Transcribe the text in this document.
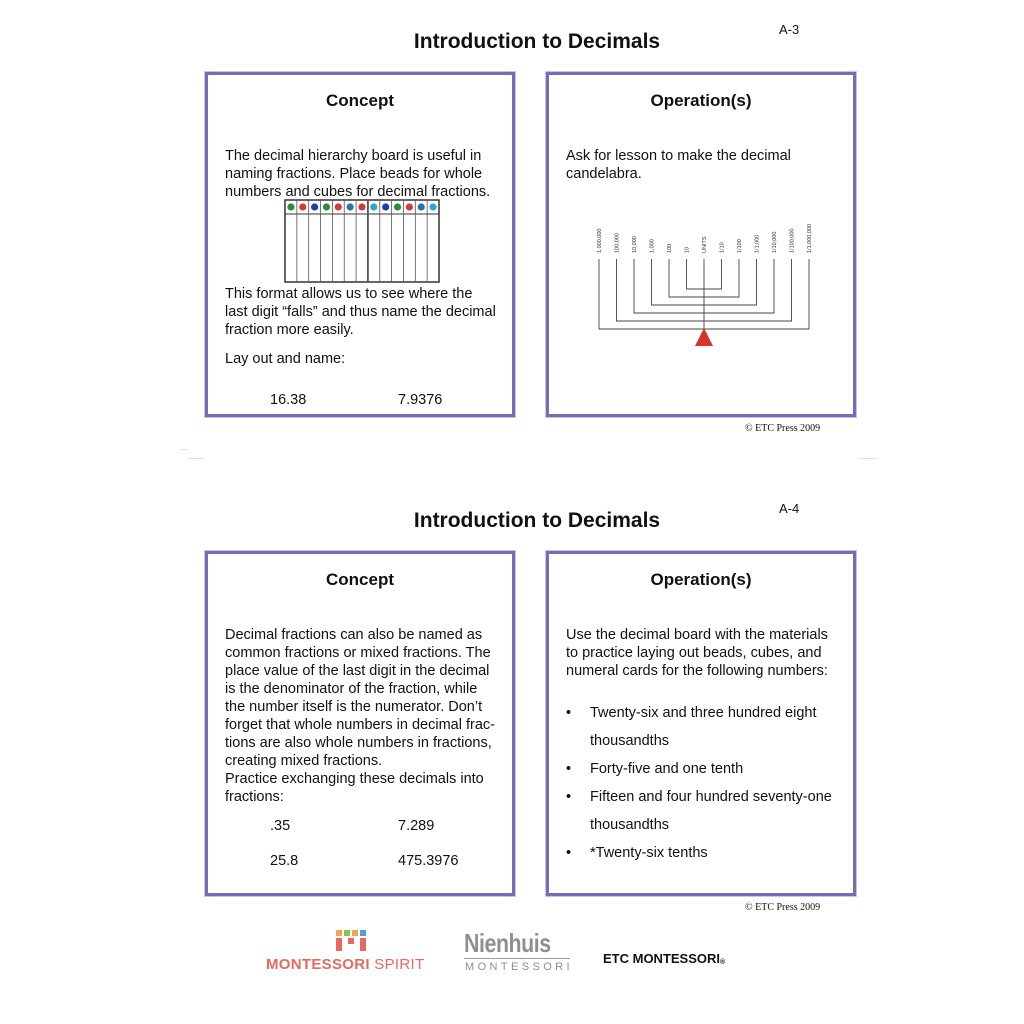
Introduction to Decimals
A-3
Concept
The decimal hierarchy board is useful in
naming fractions. Place beads for whole
numbers and cubes for decimal fractions.
This format allows us to see where the
last digit “falls” and thus name the decimal
fraction more easily.
Lay out and name:
16.38	7.9376
Operation(s)
Ask for lesson to make the decimal
candelabra.
1,000,000 100,000 10,000 1,000 100 10 UNITS 1/10 1/100 1/1,000 1/10,000 1/100,000 1/1,000,000
© ETC Press 2009
Introduction to Decimals
A-4
Concept
Decimal fractions can also be named as
common fractions or mixed fractions. The
place value of the last digit in the decimal
is the denominator of the fraction, while
the number itself is the numerator. Don’t
forget that whole numbers in decimal frac-
tions are also whole numbers in fractions,
creating mixed fractions.
Practice exchanging these decimals into
fractions:
.35	7.289
25.8	475.3976
Operation(s)
Use the decimal board with the materials
to practice laying out beads, cubes, and
numeral cards for the following numbers:
• Twenty-six and three hundred eight
thousandths
• Forty-five and one tenth
• Fifteen and four hundred seventy-one
thousandths
• *Twenty-six tenths
© ETC Press 2009
MONTESSORI SPIRIT
Nienhuis
MONTESSORI
ETC MONTESSORI®
